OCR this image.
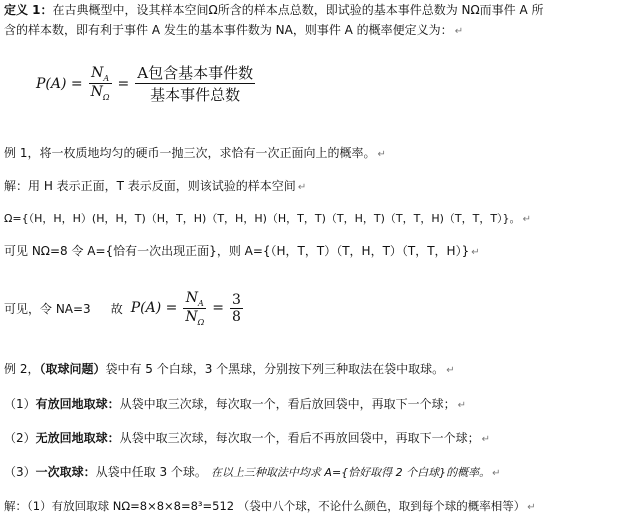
定义 1：在古典概型中，设其样本空间Ω所含的样本点总数，即试验的基本事件总数为 NΩ而事件 A 所
含的样本数，即有利于事件 A 发生的基本事件数为 NA，则事件 A 的概率便定义为： ↵
$P(A) = \frac{N_A}{N_\Omega} = \frac{\text{A包含基本事件数}}{\text{基本事件总数}}$
例 1，将一枚质地均匀的硬币一抛三次，求恰有一次正面向上的概率。 ↵
解：用 H 表示正面，T 表示反面，则该试验的样本空间 ↵
Ω={（H，H，H）(H，H，T)（H，T，H)（T，H，H)（H，T，T)（T，H，T)（T，T，H)（T，T，T）}。 ↵
可见 NΩ=8 令 A={恰有一次出现正面}，则 A={（H，T，T）（T，H，T）（T，T，H）} ↵
可见，令 NA=3 故 $P(A) = \frac{N_A}{N_\Omega} = \frac{3}{8}$
例 2，（取球问题）袋中有 5 个白球，3 个黑球，分别按下列三种取法在袋中取球。 ↵
（1）有放回地取球：从袋中取三次球，每次取一个，看后放回袋中，再取下一个球； ↵
（2）无放回地取球：从袋中取三次球，每次取一个，看后不再放回袋中，再取下一个球； ↵
（3）一次取球：从袋中任取 3 个球。 在以上三种取法中均求 A={恰好取得 2 个白球}的概率。 ↵
解：（1）有放回取球 NΩ=8×8×8=8³=512 （袋中八个球，不论什么颜色，取到每个球的概率相等） ↵
